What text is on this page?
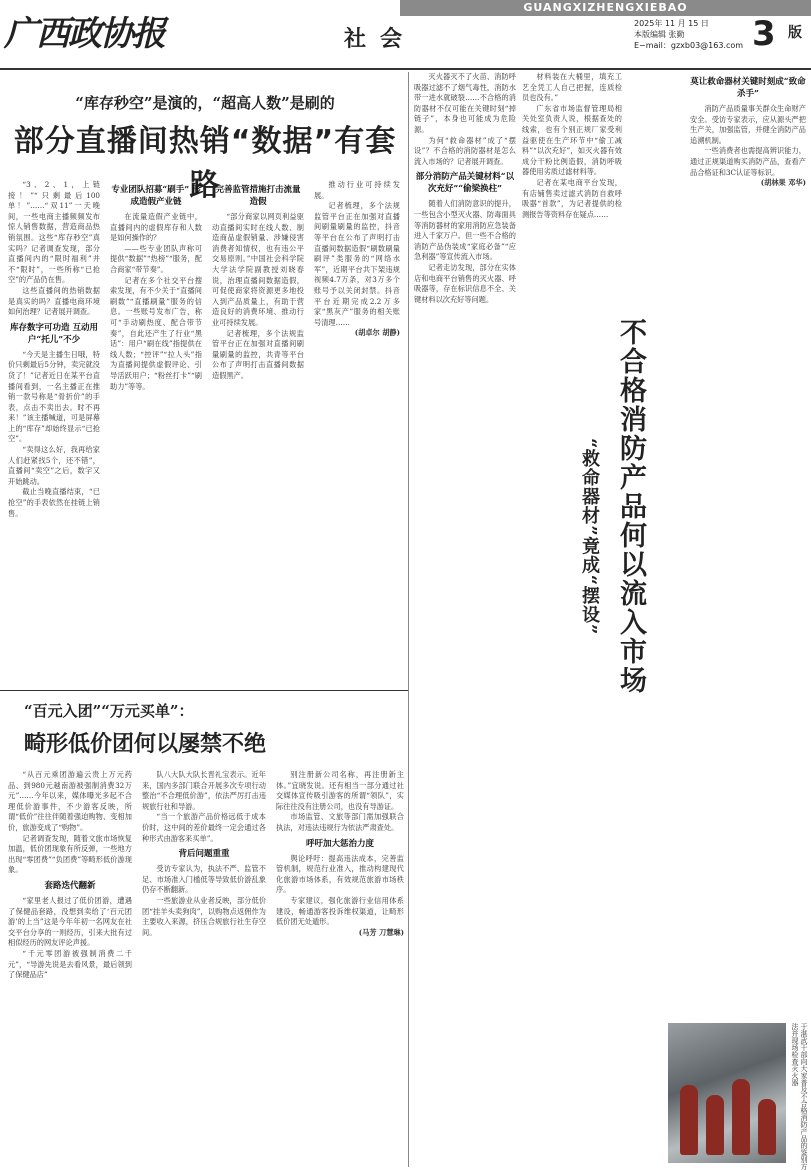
GUANGXIZHENGXIEBAO
广西政协报	社会
2025年 11 月 15 日
本版编辑 张勤
E−mail：gzxb03@163.com 3 版
“库存秒空”是演的，“超高人数”是刷的
部分直播间热销“数据”有套路

“3、2、1，上链接！”“只剩最后100单！”……“双11”一天晚间，一些电商主播频频发布惊人销售数据，营造商品热销氛围。这些“库存秒空”真实吗？记者调查发现，部分直播间内的“限时福利”并不“限时”，一些所称“已抢空”的产品仍在售。

这些直播间的热销数据是真实的吗？直播电商环境如何治理？记者展开调查。

库存数字可功造 互动用户“托儿”不少

“今天是主播生日哦，特价只剩最后5分钟，卖完就没货了！”记者近日在某平台直播间看到，一名主播正在推销一款号称是“骨折价”的手表，点击不卖出去。时不再来！”该主播喊道，可是屏幕上的“库存”却始终显示“已抢空”。

“卖得这么好，我再给家人们赶紧找5个，还不错”，直播间“卖空”之后，数字又开始跳动。

截止当晚直播结束，“已抢空”的手表依然在挂链上销售。

专业团队招募“刷手” 形成造假产业链

在流量造假产业链中，直播间内的虚假库存和人数是如何操作的？

——些专业团队声称可提供“数据”“热榜”“服务，配合商家“带节奏”。

记者在多个社交平台搜索发现，有不少关于“直播间刷数”“直播刷量”服务的信息。一些账号发布广告，称可“手动刷热度、配合带节奏”，自此还产生了行业“黑话”：用户“刷在线”指提供在线人数；“控评”“拉人头”指为直播间提供虚假评论、引导活跃用户；“粉丝打卡”“刷助力”等等。

完善监管措施打击流量造假

“部分商家以网页利益驱动直播间实时在线人数、制造商品虚假销量、涉嫌侵害消费者知情权，也有违公平交易原则。”中国社会科学院大学法学院副教授刘晓春说，治理直播间数据造假，可促使商家将资源更多地投入到产品质量上，有助于营造良好的消费环境、推动行业可持续发展。

记者梳理，多个法规监管平台正在加强对直播间刷量刷量的监控，共青等平台公布了声明打击直播间数据造假黑产。

推动行业可持续发展。

记者梳理，多个法规监管平台正在加强对直播间刷量刷量的监控，抖音等平台在公布了声明打击直播间数据造假“刷数刷量刷评”类服务的“网络水军”，近期平台共下架违规视频4.7万条，对3万多个账号予以关闭封禁。抖音平台近期完成2.2万多家“黑灰产”服务的相关账号清理……

(胡卓尔 胡静)

灭火器灭不了火苗、消防呼吸器过滤不了烟气毒性，消防水带一进水就破裂……不合格的消防器材不仅可能在关键时刻“掉链子”，本身也可能成为危险源。

为何“救命器材”成了“摆设”？不合格的消防器材是怎么流入市场的？记者展开调查。

部分消防产品关键材料“以次充好”“偷梁换柱”

随着人们消防意识的提升，一些包含小型灭火器、防毒面具等消防器材的家用消防应急装备进入千家万户。但一些不合格的消防产品伪装成“家庭必备”“应急利器”等宣传流入市场。

记者走访发现，部分在实体店和电商平台销售的灭火器、呼吸器等，存在标识信息不全、关键材料以次充好等问题。

材料装在大桶里，填充工艺全凭工人自己把握，连质检员也没有。”

广东省市场监督管理局相关处室负责人说，根据查处的线索，也有个别正规厂家受利益驱使在生产环节中“偷工减料”“以次充好”，如灭火器有效成分干粉比例造假，消防呼吸器使用劣质过滤材料等。

记者在某电商平台发现，有店铺售卖过滤式消防自救呼吸器“首款”，为记者提供的检测报告等资料存在疑点……

莫让救命器材关键时刻成“致命杀手”

消防产品质量事关群众生命财产安全。受访专家表示，应从源头严把生产关，加强监管，并健全消防产品追溯机制。

一些消费者也需提高辨识能力，通过正规渠道购买消防产品，查看产品合格证和3C认证等标识。

(胡林果 邓华)
不合格消防产品何以流入市场
“救命器材”竟成“摆设”
“百元入团”“万元买单”：
畸形低价团何以屡禁不绝

“从百元乘团游遍云贵上万元药品、到980元越南游被强制消费32万元”……今年以来，媒体曝光多起不合理低价游事件，不少游客反映，所谓“低价”往往伴随着强迫购物、变相加价，旅游变成了“购物”。

记者调查发现，随着文旅市场恢复加温，低价团现象有所反弹，一些地方出现“零团费”“负团费”等畸形低价游现象。

套路迭代翻新

“家里老人报过了低价团游，遭遇了保健品套路，没想到卖给了‘百元团游’的上当”这是今年年初一名网友在社交平台分享的一则经历，引来大批有过相似经历的网友评论声援。

“千元零团游被强制消费二千元”，“导游先说是去看风景，最后领到了保健品店”

队八大队大队长晋礼宝表示。近年来，国内多部门联合开展多次专项行动整治“不合理低价游”，依法严厉打击违规旅行社和导游。

“当一个旅游产品价格远低于成本价时，这中间的差价最终一定会通过各种形式由游客来买单”。

背后问题重重

受访专家认为，执法不严、监管不足、市场准入门槛低等导致低价游乱象仍存不断翻新。

一些旅游业从业者反映，部分低价团“挂羊头卖狗肉”，以购物点返佣作为主要收入来源，挤压合规旅行社生存空间。

别注册新公司名称，再注册新主体。”宜晓发说。还有相当一部分通过社交媒体宣传吸引游客的所谓“领队”，实际往往没有注册公司，也没有导游证。

市场监管、文旅等部门需加强联合执法，对违法违规行为依法严肃查处。

呼吁加大惩治力度

舆论呼吁：提高违法成本，完善监管机制，规范行业准入，推动构建现代化旅游市场体系，有效规范旅游市场秩序。

专家建议，强化旅游行业信用体系建设，畅通游客投诉维权渠道，让畸形低价团无处遁形。

(马芳 刀慧琳)
于湛武干部向大家普及不合格消防产品的鉴别方法并现场检查灭火器
